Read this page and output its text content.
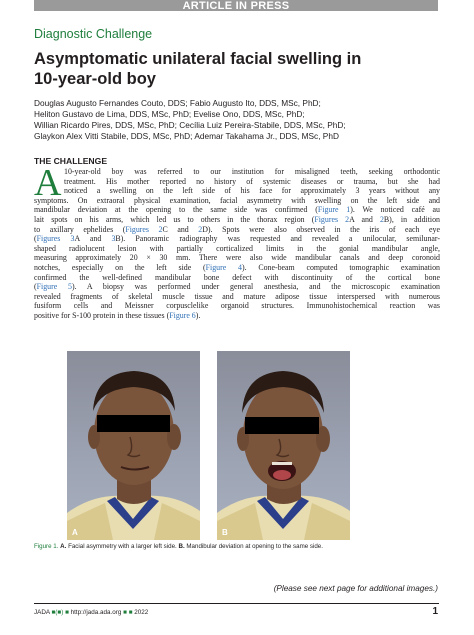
ARTICLE IN PRESS
Diagnostic Challenge
Asymptomatic unilateral facial swelling in
10-year-old boy
Douglas Augusto Fernandes Couto, DDS; Fabio Augusto Ito, DDS, MSc, PhD;
Heliton Gustavo de Lima, DDS, MSc, PhD; Evelise Ono, DDS, MSc, PhD;
Willian Ricardo Pires, DDS, MSc, PhD; Cecília Luiz Pereira-Stabile, DDS, MSc, PhD;
Glaykon Alex Vitti Stabile, DDS, MSc, PhD; Ademar Takahama Jr., DDS, MSc, PhD
THE CHALLENGE
A 10-year-old boy was referred to our institution for misaligned teeth, seeking orthodontic
treatment. His mother reported no history of systemic diseases or trauma, but she had
noticed a swelling on the left side of his face for approximately 3 years without any
symptoms. On extraoral physical examination, facial asymmetry with swelling on the left side and
mandibular deviation at the opening to the same side was confirmed (Figure 1). We noticed café au
lait spots on his arms, which led us to others in the thorax region (Figures 2A and 2B), in addition
to axillary ephelides (Figures 2C and 2D). Spots were also observed in the iris of each eye
(Figures 3A and 3B). Panoramic radiography was requested and revealed a unilocular, semilunar-
shaped radiolucent lesion with partially corticalized limits in the gonial mandibular angle,
measuring approximately 20 × 30 mm. There were also wide mandibular canals and deep coronoid
notches, especially on the left side (Figure 4). Cone-beam computed tomographic examination
confirmed the well-defined mandibular bone defect with discontinuity of the cortical bone
(Figure 5). A biopsy was performed under general anesthesia, and the microscopic examination
revealed fragments of skeletal muscle tissue and mature adipose tissue interspersed with numerous
fusiform cells and Meissner corpusclelike organoid structures. Immunohistochemical reaction was
positive for S-100 protein in these tissues (Figure 6).
A	B
Figure 1. A. Facial asymmetry with a larger left side. B. Mandibular deviation at opening to the same side.
(Please see next page for additional images.)
JADA ■(■) ■ http://jada.ada.org ■ ■ 2022	1
